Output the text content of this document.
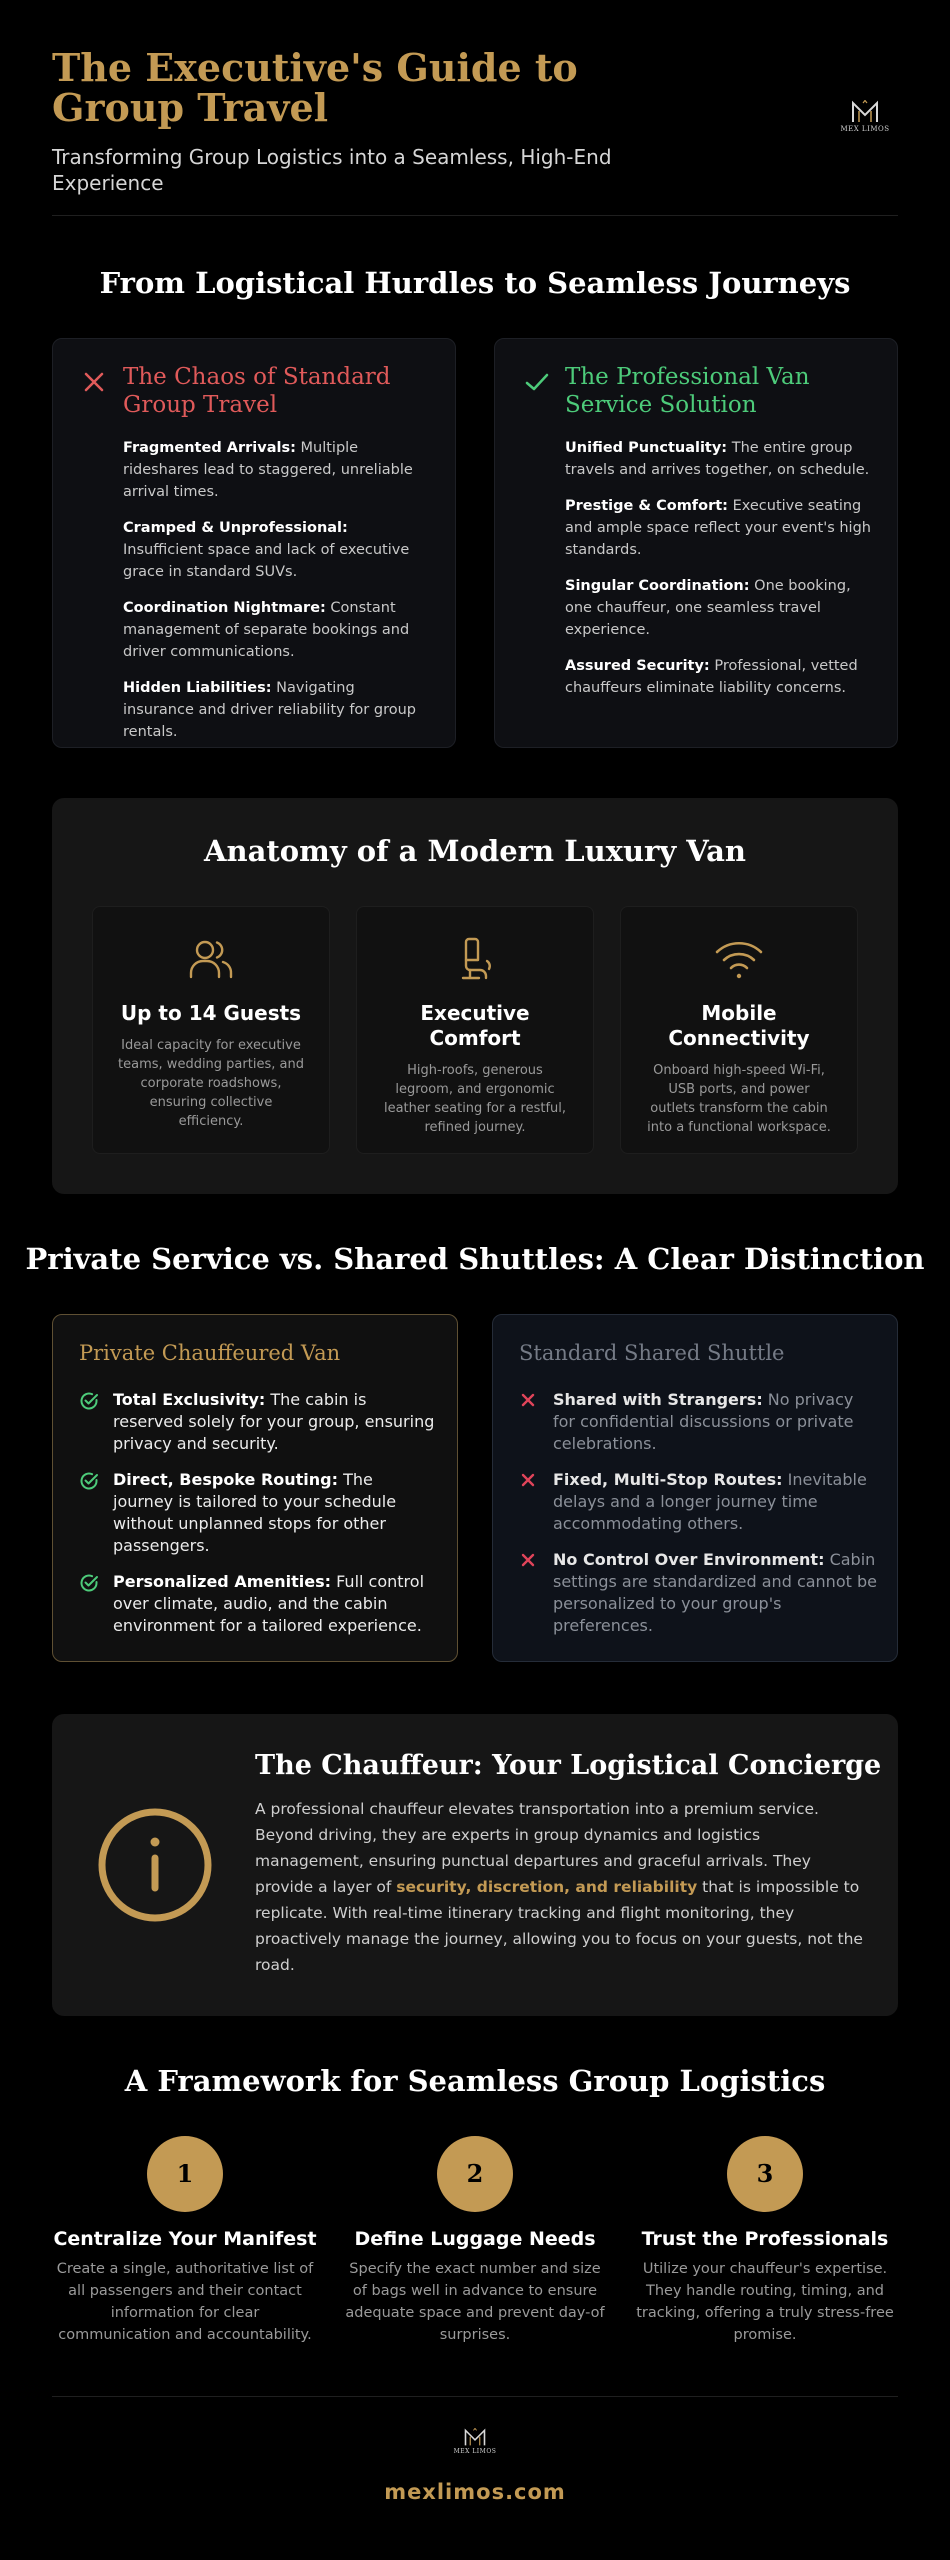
The Executive's Guide to Group Travel

Transforming Group Logistics into a Seamless, High-End Experience

MEX LIMOS
From Logistical Hurdles to Seamless Journeys
The Chaos of Standard Group Travel
Fragmented Arrivals: Multiple rideshares lead to staggered, unreliable arrival times.
Cramped & Unprofessional: Insufficient space and lack of executive grace in standard SUVs.
Coordination Nightmare: Constant management of separate bookings and driver communications.
Hidden Liabilities: Navigating insurance and driver reliability for group rentals.
The Professional Van Service Solution
Unified Punctuality: The entire group travels and arrives together, on schedule.
Prestige & Comfort: Executive seating and ample space reflect your event's high standards.
Singular Coordination: One booking, one chauffeur, one seamless travel experience.
Assured Security: Professional, vetted chauffeurs eliminate liability concerns.
Anatomy of a Modern Luxury Van
Up to 14 Guests
Ideal capacity for executive teams, wedding parties, and corporate roadshows, ensuring collective efficiency.
Executive Comfort
High-roofs, generous legroom, and ergonomic leather seating for a restful, refined journey.
Mobile Connectivity
Onboard high-speed Wi-Fi, USB ports, and power outlets transform the cabin into a functional workspace.
Private Service vs. Shared Shuttles: A Clear Distinction
Private Chauffeured Van
Total Exclusivity: The cabin is reserved solely for your group, ensuring privacy and security.
Direct, Bespoke Routing: The journey is tailored to your schedule without unplanned stops for other passengers.
Personalized Amenities: Full control over climate, audio, and the cabin environment for a tailored experience.
Standard Shared Shuttle
Shared with Strangers: No privacy for confidential discussions or private celebrations.
Fixed, Multi-Stop Routes: Inevitable delays and a longer journey time accommodating others.
No Control Over Environment: Cabin settings are standardized and cannot be personalized to your group's preferences.
The Chauffeur: Your Logistical Concierge

A professional chauffeur elevates transportation into a premium service. Beyond driving, they are experts in group dynamics and logistics management, ensuring punctual departures and graceful arrivals. They provide a layer of security, discretion, and reliability that is impossible to replicate. With real-time itinerary tracking and flight monitoring, they proactively manage the journey, allowing you to focus on your guests, not the road.

A Framework for Seamless Group Logistics
1
Centralize Your Manifest
Create a single, authoritative list of all passengers and their contact information for clear communication and accountability.
2
Define Luggage Needs
Specify the exact number and size of bags well in advance to ensure adequate space and prevent day-of surprises.
3
Trust the Professionals
Utilize your chauffeur's expertise. They handle routing, timing, and tracking, offering a truly stress-free promise.
MEX LIMOS
mexlimos.com
